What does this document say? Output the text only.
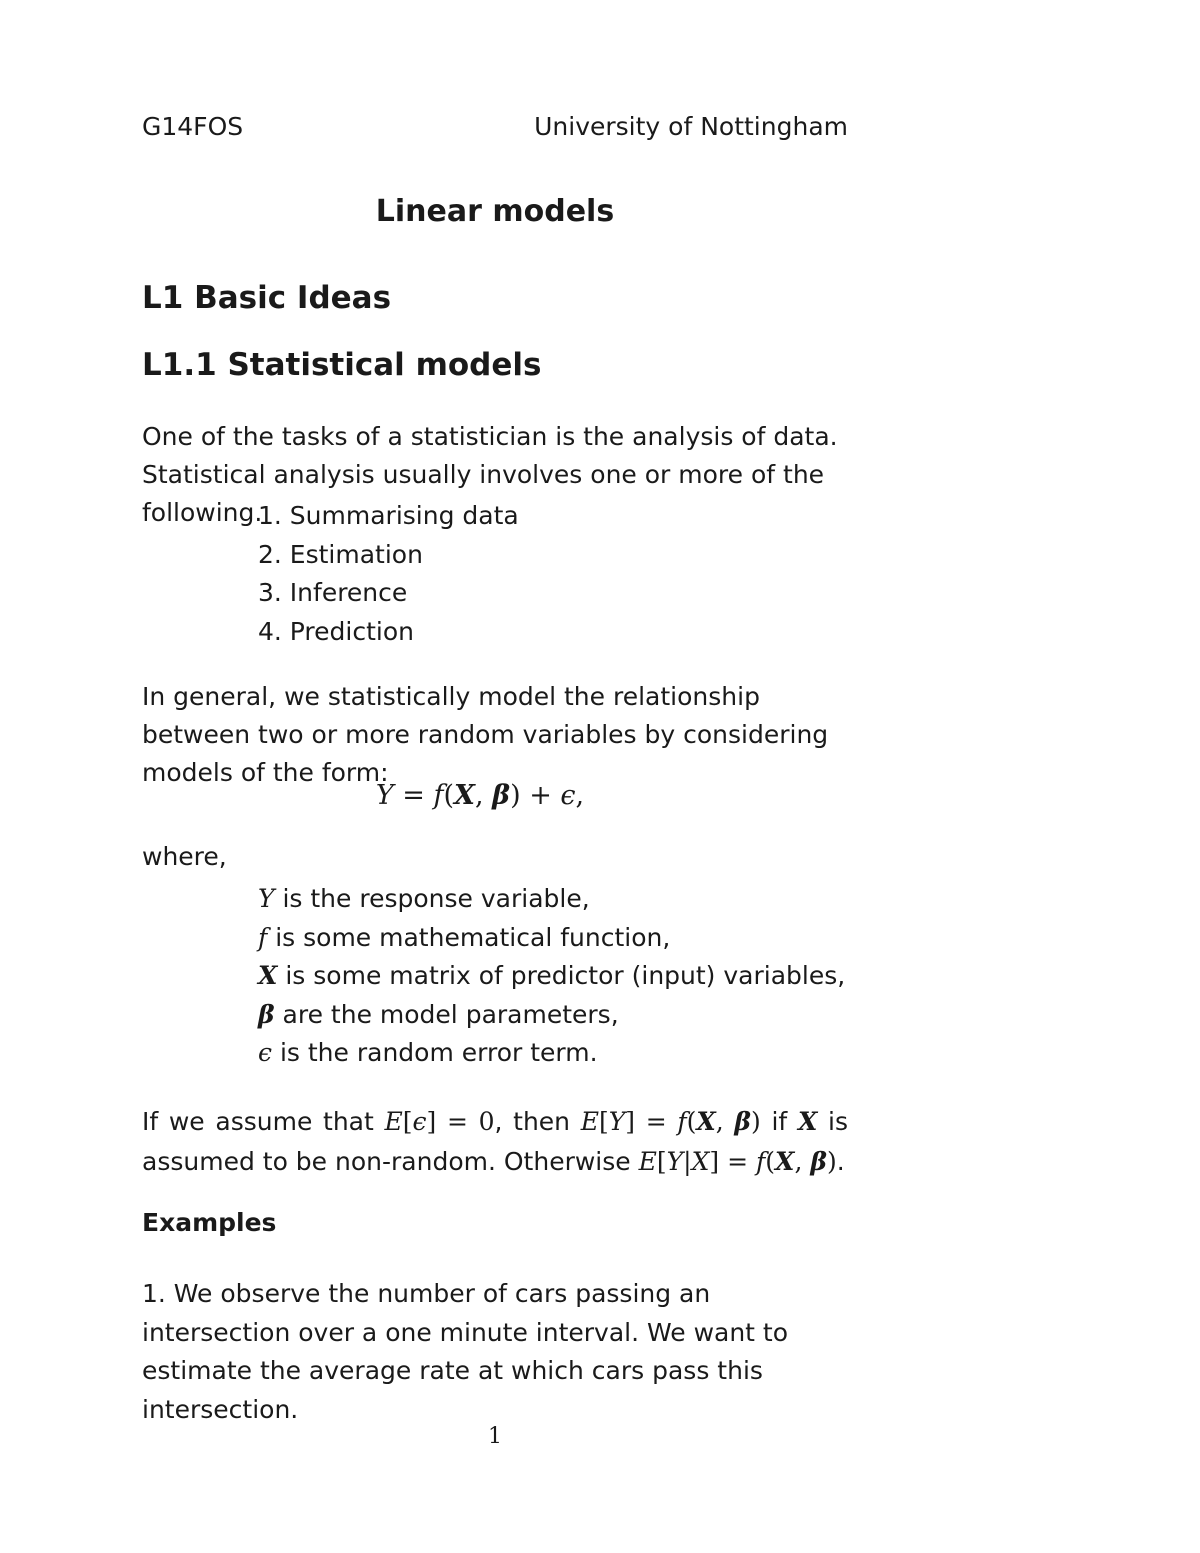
G14FOS	University of Nottingham
Linear models
L1 Basic Ideas
L1.1 Statistical models

One of the tasks of a statistician is the analysis of data. Statistical analysis usually involves one or more of the following.

1. Summarising data
2. Estimation
3. Inference
4. Prediction

In general, we statistically model the relationship between two or more random variables by considering models of the form:

Y = f(X, β) + ϵ,
where,
Y is the response variable,
f is some mathematical function,
X is some matrix of predictor (input) variables,
β are the model parameters,
ϵ is the random error term.

If we assume that E[ϵ] = 0, then E[Y] = f(X, β) if X is assumed to be non-random. Otherwise E[Y|X] = f(X, β).

Examples

1. We observe the number of cars passing an intersection over a one minute interval. We want to estimate the average rate at which cars pass this intersection.

1
